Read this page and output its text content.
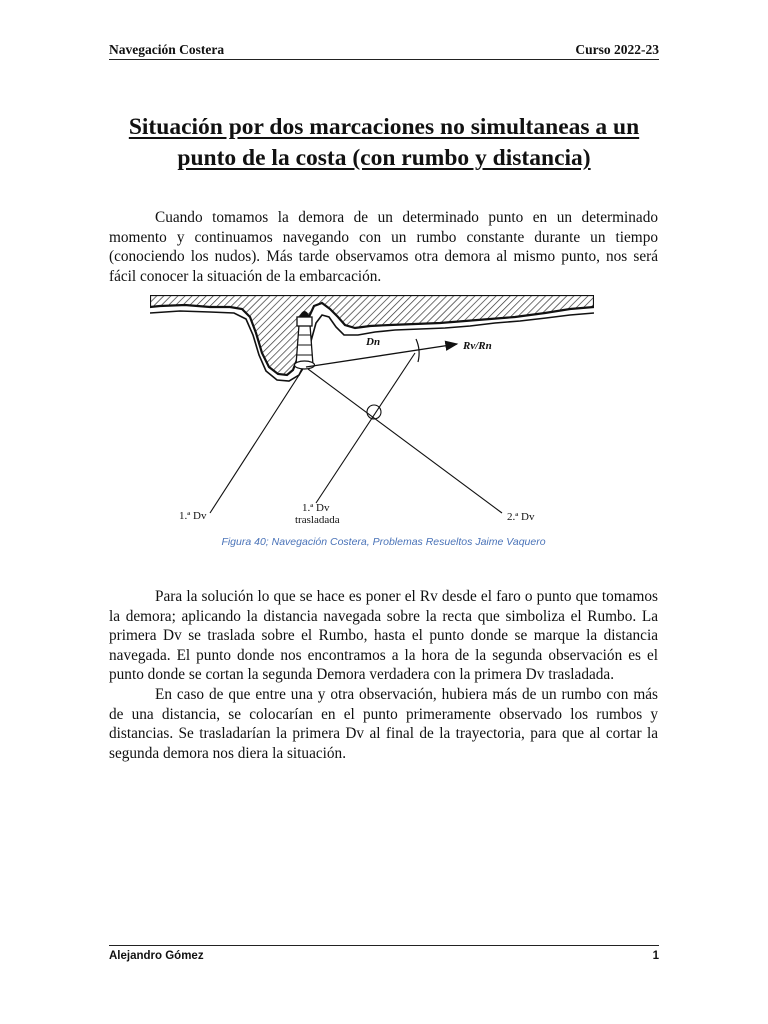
Navegación Costera	Curso 2022-23
Situación por dos marcaciones no simultaneas a un punto de la costa (con rumbo y distancia)

Cuando tomamos la demora de un determinado punto en un determinado momento y continuamos navegando con un rumbo constante durante un tiempo (conociendo los nudos). Más tarde observamos otra demora al mismo punto, nos será fácil conocer la situación de la embarcación.

Dn	Rv/Rn
1.ª Dv
1.ª Dv
trasladada	2.ª Dv
Figura 40; Navegación Costera, Problemas Resueltos Jaime Vaquero

Para la solución lo que se hace es poner el Rv desde el faro o punto que tomamos la demora; aplicando la distancia navegada sobre la recta que simboliza el Rumbo. La primera Dv se traslada sobre el Rumbo, hasta el punto donde se marque la distancia navegada. El punto donde nos encontramos a la hora de la segunda observación es el punto donde se cortan la segunda Demora verdadera con la primera Dv trasladada.

En caso de que entre una y otra observación, hubiera más de un rumbo con más de una distancia, se colocarían en el punto primeramente observado los rumbos y distancias. Se trasladarían la primera Dv al final de la trayectoria, para que al cortar la segunda demora nos diera la situación.

Alejandro Gómez	1
